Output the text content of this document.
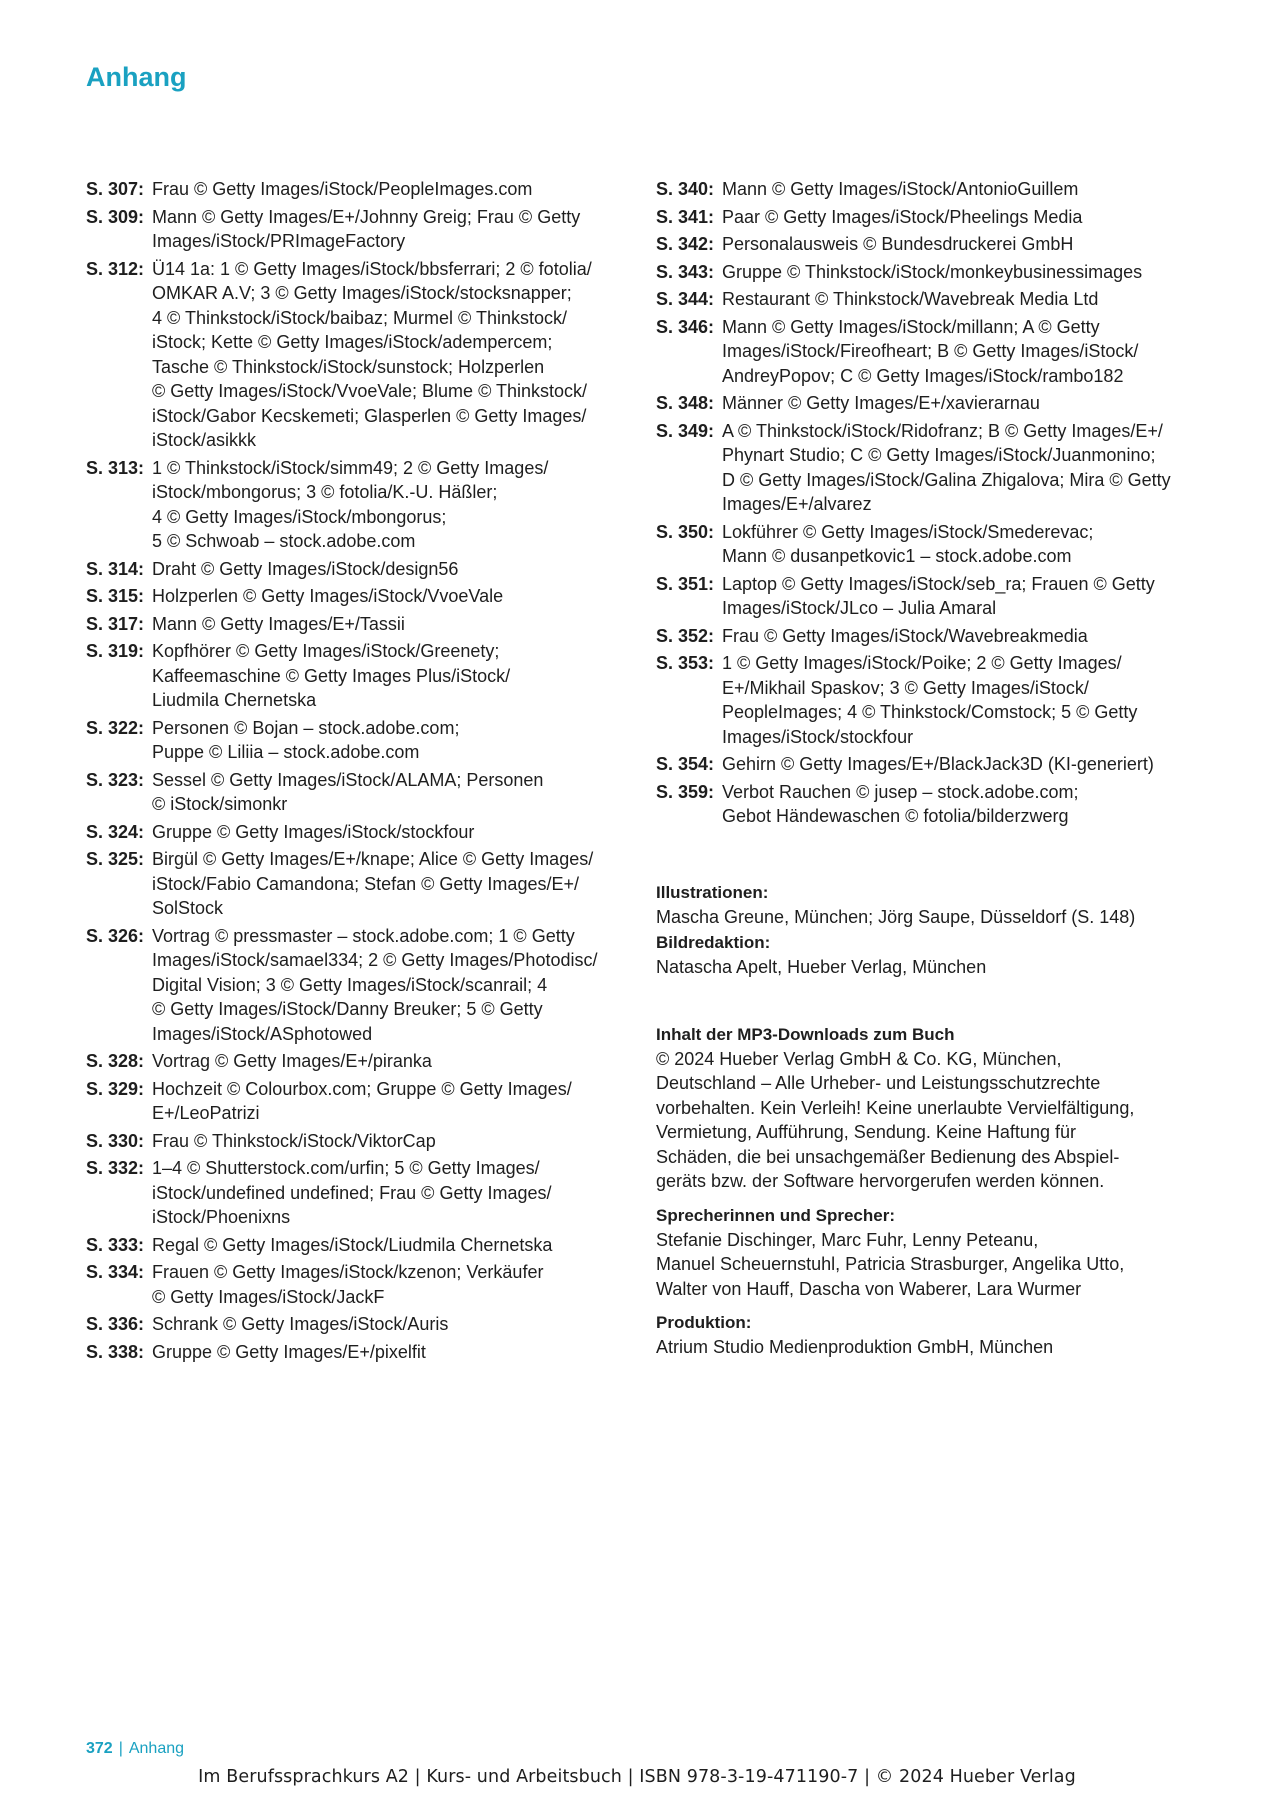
Anhang
S. 307: Frau © Getty Images/iStock/PeopleImages.com
S. 309: Mann © Getty Images/E+/Johnny Greig; Frau © Getty
Images/iStock/PRImageFactory
S. 312: Ü14 1a: 1 © Getty Images/iStock/bbsferrari; 2 © fotolia/
OMKAR A.V; 3 © Getty Images/iStock/stocksnapper;
4 © Thinkstock/iStock/baibaz; Murmel © Thinkstock/
iStock; Kette © Getty Images/iStock/adempercem;
Tasche © Thinkstock/iStock/sunstock; Holzperlen
© Getty Images/iStock/VvoeVale; Blume © Thinkstock/
iStock/Gabor Kecskemeti; Glasperlen © Getty Images/
iStock/asikkk
S. 313: 1 © Thinkstock/iStock/simm49; 2 © Getty Images/
iStock/mbongorus; 3 © fotolia/K.-U. Häßler;
4 © Getty Images/iStock/mbongorus;
5 © Schwoab – stock.adobe.com
S. 314: Draht © Getty Images/iStock/design56
S. 315: Holzperlen © Getty Images/iStock/VvoeVale
S. 317: Mann © Getty Images/E+/Tassii
S. 319: Kopfhörer © Getty Images/iStock/Greenety;
Kaffeemaschine © Getty Images Plus/iStock/
Liudmila Chernetska
S. 322: Personen © Bojan – stock.adobe.com;
Puppe © Liliia – stock.adobe.com
S. 323: Sessel © Getty Images/iStock/ALAMA; Personen
© iStock/simonkr
S. 324: Gruppe © Getty Images/iStock/stockfour
S. 325: Birgül © Getty Images/E+/knape; Alice © Getty Images/
iStock/Fabio Camandona; Stefan © Getty Images/E+/
SolStock
S. 326: Vortrag © pressmaster – stock.adobe.com; 1 © Getty
Images/iStock/samael334; 2 © Getty Images/Photodisc/
Digital Vision; 3 © Getty Images/iStock/scanrail; 4
© Getty Images/iStock/Danny Breuker; 5 © Getty
Images/iStock/ASphotowed
S. 328: Vortrag © Getty Images/E+/piranka
S. 329: Hochzeit © Colourbox.com; Gruppe © Getty Images/
E+/LeoPatrizi
S. 330: Frau © Thinkstock/iStock/ViktorCap
S. 332: 1–4 © Shutterstock.com/urfin; 5 © Getty Images/
iStock/undefined undefined; Frau © Getty Images/
iStock/Phoenixns
S. 333: Regal © Getty Images/iStock/Liudmila Chernetska
S. 334: Frauen © Getty Images/iStock/kzenon; Verkäufer
© Getty Images/iStock/JackF
S. 336: Schrank © Getty Images/iStock/Auris
S. 338: Gruppe © Getty Images/E+/pixelfit
S. 340: Mann © Getty Images/iStock/AntonioGuillem
S. 341: Paar © Getty Images/iStock/Pheelings Media
S. 342: Personalausweis © Bundesdruckerei GmbH
S. 343: Gruppe © Thinkstock/iStock/monkeybusinessimages
S. 344: Restaurant © Thinkstock/Wavebreak Media Ltd
S. 346: Mann © Getty Images/iStock/millann; A © Getty
Images/iStock/Fireofheart; B © Getty Images/iStock/
AndreyPopov; C © Getty Images/iStock/rambo182
S. 348: Männer © Getty Images/E+/xavierarnau
S. 349: A © Thinkstock/iStock/Ridofranz; B © Getty Images/E+/
Phynart Studio; C © Getty Images/iStock/Juanmonino;
D © Getty Images/iStock/Galina Zhigalova; Mira © Getty
Images/E+/alvarez
S. 350: Lokführer © Getty Images/iStock/Smederevac;
Mann © dusanpetkovic1 – stock.adobe.com
S. 351: Laptop © Getty Images/iStock/seb_ra; Frauen © Getty
Images/iStock/JLco – Julia Amaral
S. 352: Frau © Getty Images/iStock/Wavebreakmedia
S. 353: 1 © Getty Images/iStock/Poike; 2 © Getty Images/
E+/Mikhail Spaskov; 3 © Getty Images/iStock/
PeopleImages; 4 © Thinkstock/Comstock; 5 © Getty
Images/iStock/stockfour
S. 354: Gehirn © Getty Images/E+/BlackJack3D (KI-generiert)
S. 359: Verbot Rauchen © jusep – stock.adobe.com;
Gebot Händewaschen © fotolia/bilderzwerg
Illustrationen:

Mascha Greune, München; Jörg Saupe, Düsseldorf (S. 148)

Bildredaktion:

Natascha Apelt, Hueber Verlag, München

Inhalt der MP3-Downloads zum Buch

© 2024 Hueber Verlag GmbH & Co. KG, München,
Deutschland – Alle Urheber- und Leistungsschutzrechte
vorbehalten. Kein Verleih! Keine unerlaubte Vervielfältigung,
Vermietung, Aufführung, Sendung. Keine Haftung für
Schäden, die bei unsachgemäßer Bedienung des Abspiel-
geräts bzw. der Software hervorgerufen werden können.

Sprecherinnen und Sprecher:

Stefanie Dischinger, Marc Fuhr, Lenny Peteanu,
Manuel Scheuernstuhl, Patricia Strasburger, Angelika Utto,
Walter von Hauff, Dascha von Waberer, Lara Wurmer

Produktion:

Atrium Studio Medienproduktion GmbH, München

372 | Anhang
Im Berufssprachkurs A2 | Kurs- und Arbeitsbuch | ISBN 978-3-19-471190-7 | © 2024 Hueber Verlag
